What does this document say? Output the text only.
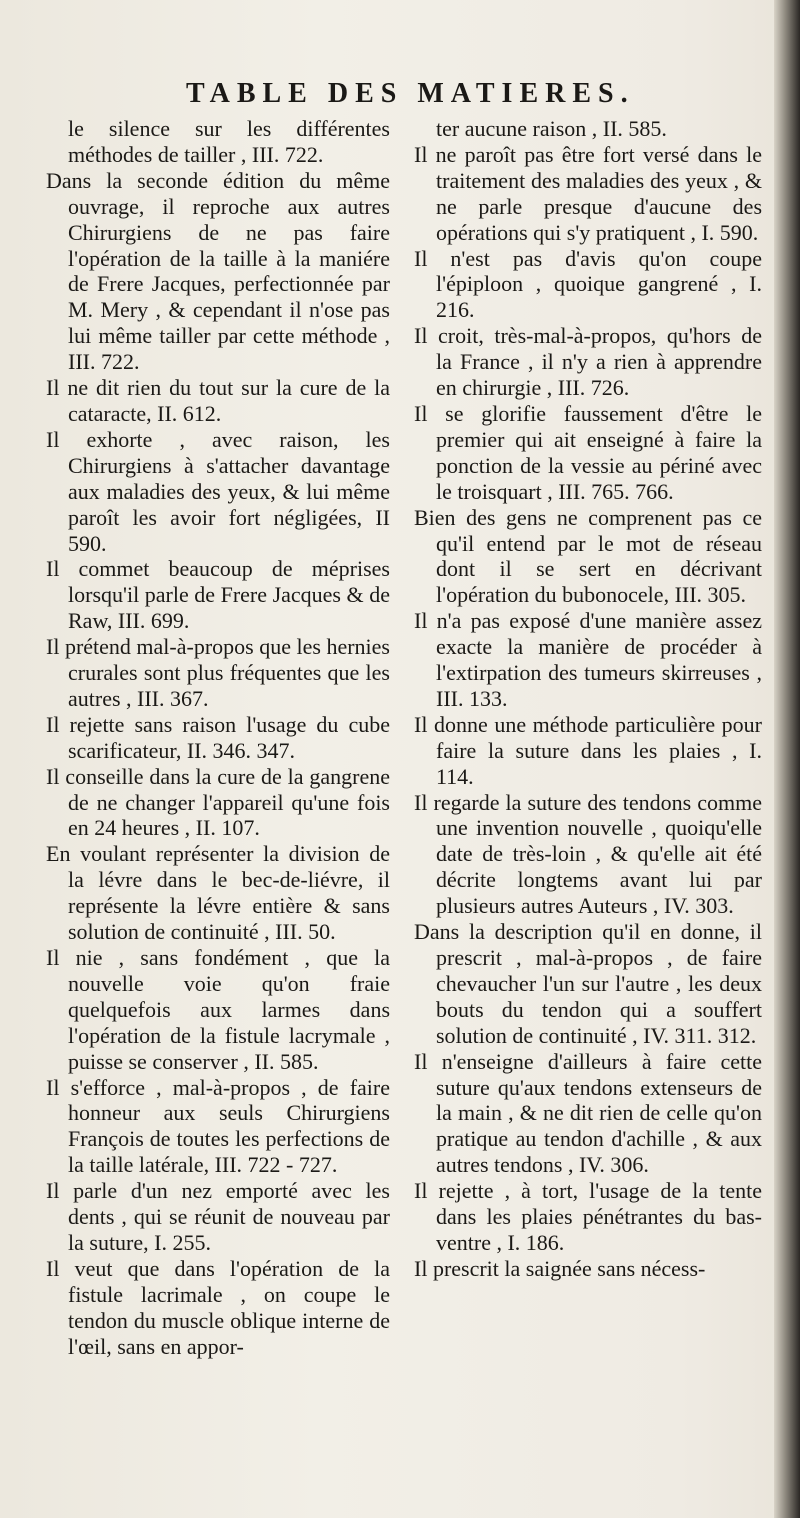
TABLE DES MATIERES.
le silence sur les différentes méthodes de tailler , III. 722.
Dans la seconde édition du même ouvrage, il reproche aux autres Chirurgiens de ne pas faire l'opération de la taille à la maniére de Frere Jacques, perfectionnée par M. Mery , & cependant il n'ose pas lui même tailler par cette méthode , III. 722.
Il ne dit rien du tout sur la cure de la cataracte, II. 612.
Il exhorte , avec raison, les Chirurgiens à s'attacher davantage aux maladies des yeux, & lui même paroît les avoir fort négligées, II 590.
Il commet beaucoup de méprises lorsqu'il parle de Frere Jacques & de Raw, III. 699.
Il prétend mal-à-propos que les hernies crurales sont plus fréquentes que les autres , III. 367.
Il rejette sans raison l'usage du cube scarificateur, II. 346. 347.
Il conseille dans la cure de la gangrene de ne changer l'appareil qu'une fois en 24 heures , II. 107.
En voulant représenter la division de la lévre dans le bec-de-liévre, il représente la lévre entière & sans solution de continuité , III. 50.
Il nie , sans fondément , que la nouvelle voie qu'on fraie quelquefois aux larmes dans l'opération de la fistule lacrymale , puisse se conserver , II. 585.
Il s'efforce , mal-à-propos , de faire honneur aux seuls Chirurgiens François de toutes les perfections de la taille latérale, III. 722 - 727.
Il parle d'un nez emporté avec les dents , qui se réunit de nouveau par la suture, I. 255.
Il veut que dans l'opération de la fistule lacrimale , on coupe le tendon du muscle oblique interne de l'œil, sans en appor-
ter aucune raison , II. 585.
Il ne paroît pas être fort versé dans le traitement des maladies des yeux , & ne parle presque d'aucune des opérations qui s'y pratiquent , I. 590.
Il n'est pas d'avis qu'on coupe l'épiploon , quoique gangrené , I. 216.
Il croit, très-mal-à-propos, qu'hors de la France , il n'y a rien à apprendre en chirurgie , III. 726.
Il se glorifie faussement d'être le premier qui ait enseigné à faire la ponction de la vessie au périné avec le troisquart , III. 765. 766.
Bien des gens ne comprenent pas ce qu'il entend par le mot de réseau dont il se sert en décrivant l'opération du bubonocele, III. 305.
Il n'a pas exposé d'une manière assez exacte la manière de procéder à l'extirpation des tumeurs skirreuses , III. 133.
Il donne une méthode particulière pour faire la suture dans les plaies , I. 114.
Il regarde la suture des tendons comme une invention nouvelle , quoiqu'elle date de très-loin , & qu'elle ait été décrite longtems avant lui par plusieurs autres Auteurs , IV. 303.
Dans la description qu'il en donne, il prescrit , mal-à-propos , de faire chevaucher l'un sur l'autre , les deux bouts du tendon qui a souffert solution de continuité , IV. 311. 312.
Il n'enseigne d'ailleurs à faire cette suture qu'aux tendons extenseurs de la main , & ne dit rien de celle qu'on pratique au tendon d'achille , & aux autres tendons , IV. 306.
Il rejette , à tort, l'usage de la tente dans les plaies pénétrantes du bas-ventre , I. 186.
Il prescrit la saignée sans nécess-
